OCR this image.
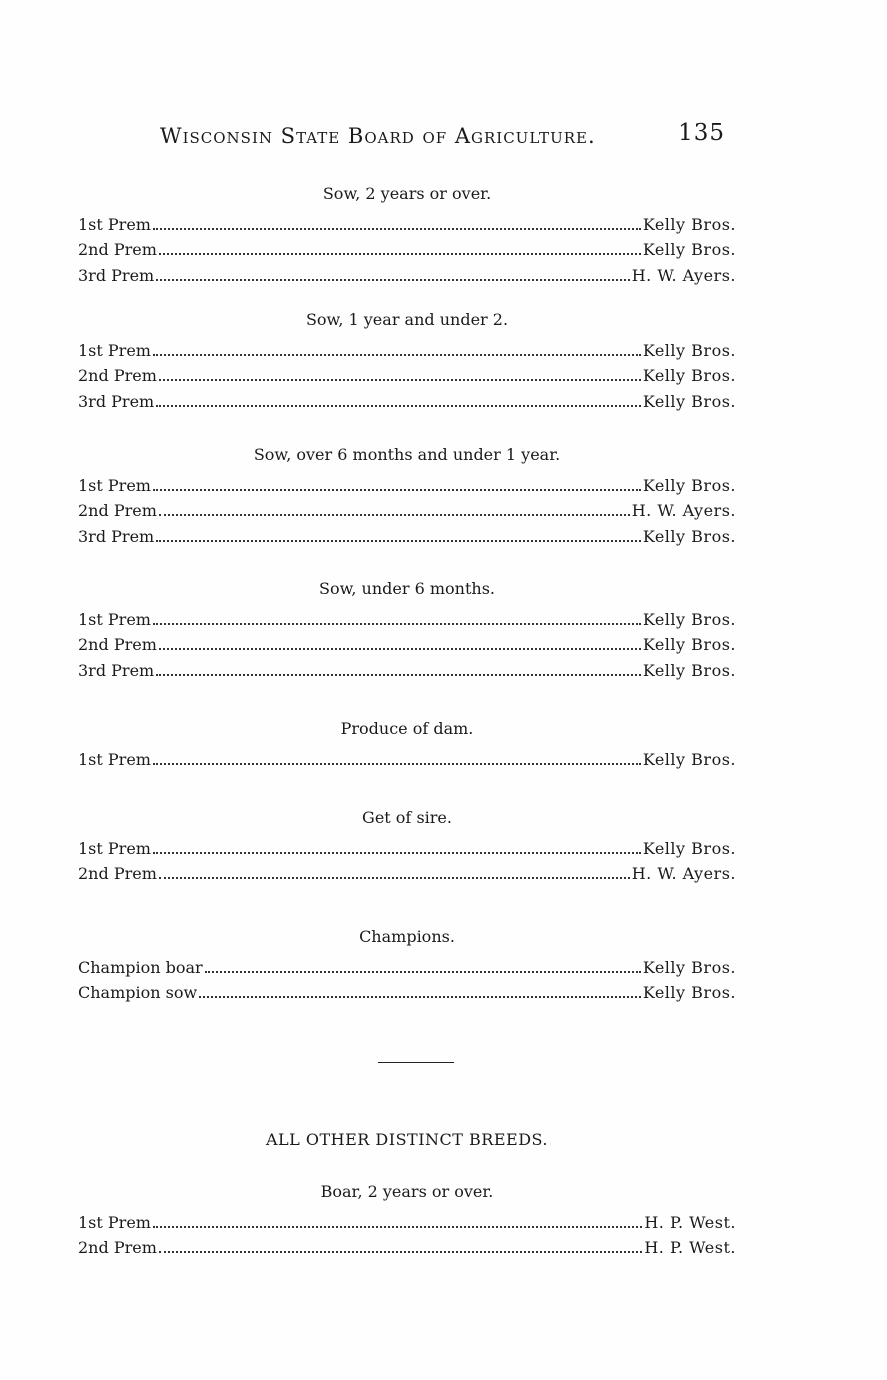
Wisconsin State Board of Agriculture.	135
Sow, 2 years or over.
1st Prem	Kelly Bros.
2nd Prem	Kelly Bros.
3rd Prem	H. W. Ayers.
Sow, 1 year and under 2.
1st Prem	Kelly Bros.
2nd Prem	Kelly Bros.
3rd Prem	Kelly Bros.
Sow, over 6 months and under 1 year.
1st Prem	Kelly Bros.
2nd Prem	H. W. Ayers.
3rd Prem	Kelly Bros.
Sow, under 6 months.
1st Prem	Kelly Bros.
2nd Prem	Kelly Bros.
3rd Prem	Kelly Bros.
Produce of dam.
1st Prem	Kelly Bros.
Get of sire.
1st Prem	Kelly Bros.
2nd Prem	H. W. Ayers.
Champions.
Champion boar	Kelly Bros.
Champion sow	Kelly Bros.
ALL OTHER DISTINCT BREEDS.
Boar, 2 years or over.
1st Prem	H. P. West.
2nd Prem	H. P. West.
